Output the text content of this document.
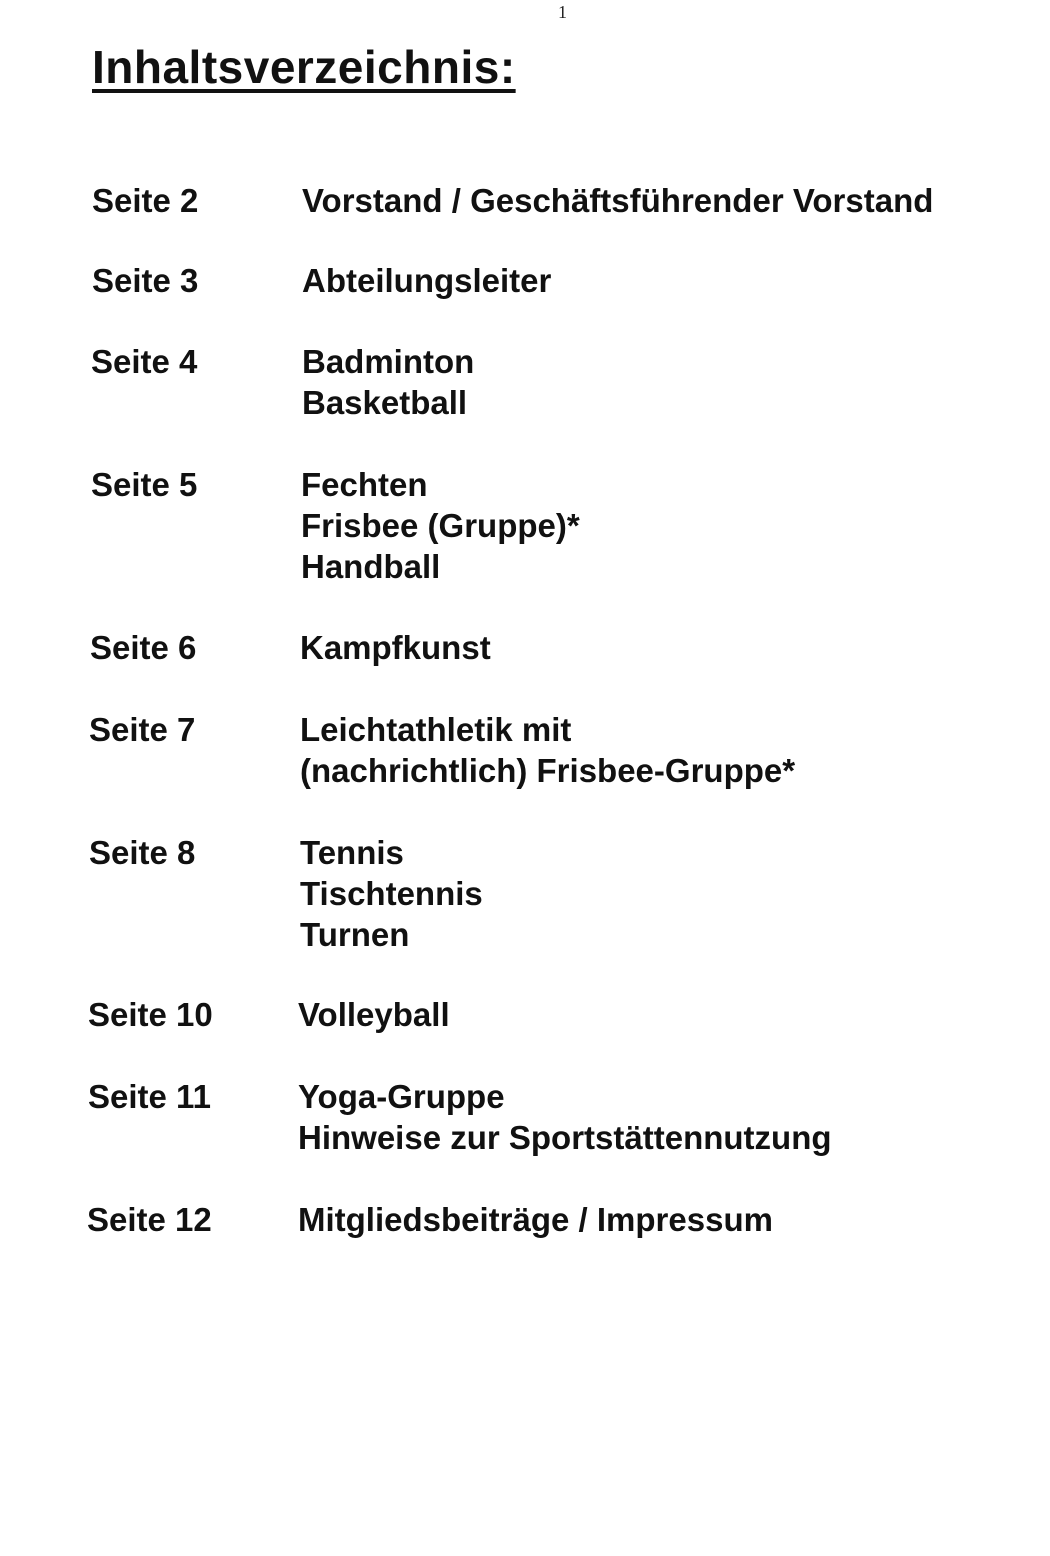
1
Inhaltsverzeichnis:
Seite 2	Vorstand / Geschäftsführender Vorstand
Seite 3	Abteilungsleiter
Seite 4	Badminton
Basketball
Seite 5	Fechten
Frisbee (Gruppe)*
Handball
Seite 6	Kampfkunst
Seite 7	Leichtathletik mit
(nachrichtlich) Frisbee-Gruppe*
Seite 8	Tennis
Tischtennis
Turnen
Seite 10	Volleyball
Seite 11	Yoga-Gruppe
Hinweise zur Sportstättennutzung
Seite 12	Mitgliedsbeiträge / Impressum
